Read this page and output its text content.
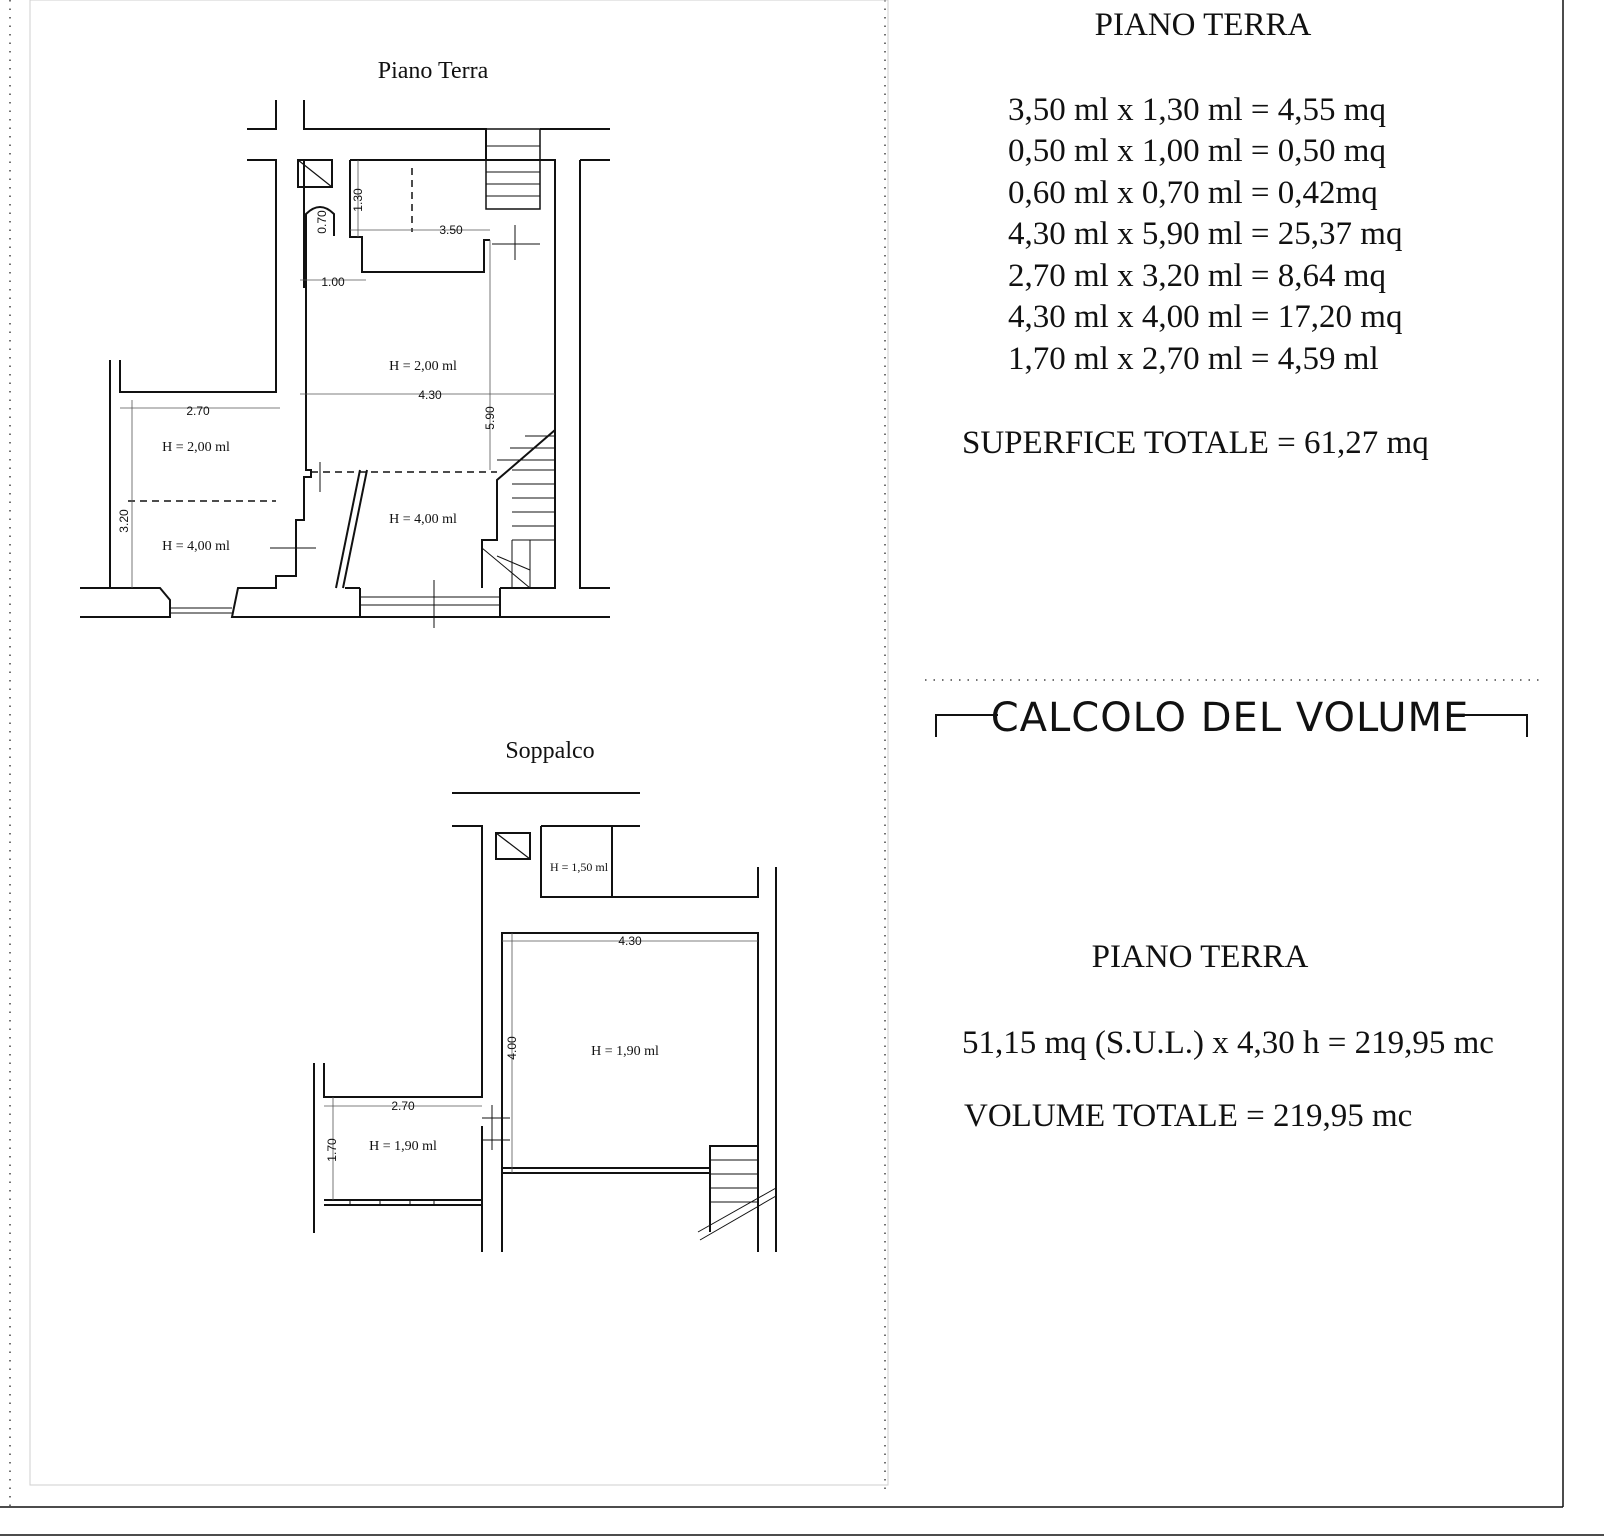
Piano Terra
1.30
0.70	3.50
1.00
4.30
5.90
2.70
3.20
H = 2,00 ml
H = 2,00 ml
H = 4,00 ml
H = 4,00 ml
Soppalco
4.30
4.00
2.70
1.70
H = 1,50 ml
H = 1,90 ml
H = 1,90 ml
PIANO TERRA
3,50 ml x 1,30 ml = 4,55 mq
0,50 ml x 1,00 ml = 0,50 mq
0,60 ml x 0,70 ml = 0,42mq
4,30 ml x 5,90 ml = 25,37 mq
2,70 ml x 3,20 ml = 8,64 mq
4,30 ml x 4,00 ml = 17,20 mq
1,70 ml x 2,70 ml = 4,59 ml
SUPERFICE TOTALE = 61,27 mq
CALCOLO DEL VOLUME
PIANO TERRA
51,15 mq (S.U.L.) x 4,30 h = 219,95 mc
VOLUME TOTALE = 219,95 mc
